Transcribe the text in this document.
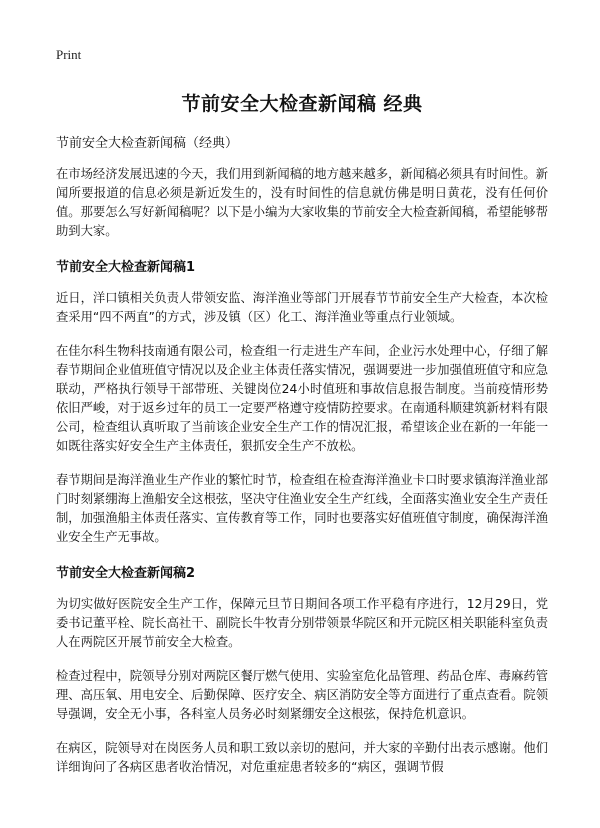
Print
节前安全大检查新闻稿 经典
节前安全大检查新闻稿（经典）

在市场经济发展迅速的今天，我们用到新闻稿的地方越来越多，新闻稿必须具有时间性。新闻所要报道的信息必须是新近发生的，没有时间性的信息就仿佛是明日黄花，没有任何价值。那要怎么写好新闻稿呢？以下是小编为大家收集的节前安全大检查新闻稿，希望能够帮助到大家。

节前安全大检查新闻稿1

近日，洋口镇相关负责人带领安监、海洋渔业等部门开展春节节前安全生产大检查，本次检查采用“四不两直”的方式，涉及镇（区）化工、海洋渔业等重点行业领域。

在佳尔科生物科技南通有限公司，检查组一行走进生产车间，企业污水处理中心，仔细了解春节期间企业值班值守情况以及企业主体责任落实情况，强调要进一步加强值班值守和应急联动，严格执行领导干部带班、关键岗位24小时值班和事故信息报告制度。当前疫情形势依旧严峻，对于返乡过年的员工一定要严格遵守疫情防控要求。在南通科顺建筑新材料有限公司，检查组认真听取了当前该企业安全生产工作的情况汇报，希望该企业在新的一年能一如既往落实好安全生产主体责任，狠抓安全生产不放松。

春节期间是海洋渔业生产作业的繁忙时节，检查组在检查海洋渔业卡口时要求镇海洋渔业部门时刻紧绷海上渔船安全这根弦，坚决守住渔业安全生产红线，全面落实渔业安全生产责任制，加强渔船主体责任落实、宣传教育等工作，同时也要落实好值班值守制度，确保海洋渔业安全生产无事故。

节前安全大检查新闻稿2

为切实做好医院安全生产工作，保障元旦节日期间各项工作平稳有序进行，12月29日，党委书记董平栓、院长高社干、副院长牛牧青分别带领景华院区和开元院区相关职能科室负责人在两院区开展节前安全大检查。

检查过程中，院领导分别对两院区餐厅燃气使用、实验室危化品管理、药品仓库、毒麻药管理、高压氧、用电安全、后勤保障、医疗安全、病区消防安全等方面进行了重点查看。院领导强调，安全无小事，各科室人员务必时刻紧绷安全这根弦，保持危机意识。

在病区，院领导对在岗医务人员和职工致以亲切的慰问，并大家的辛勤付出表示感谢。他们详细询问了各病区患者收治情况，对危重症患者较多的“病区，强调节假
